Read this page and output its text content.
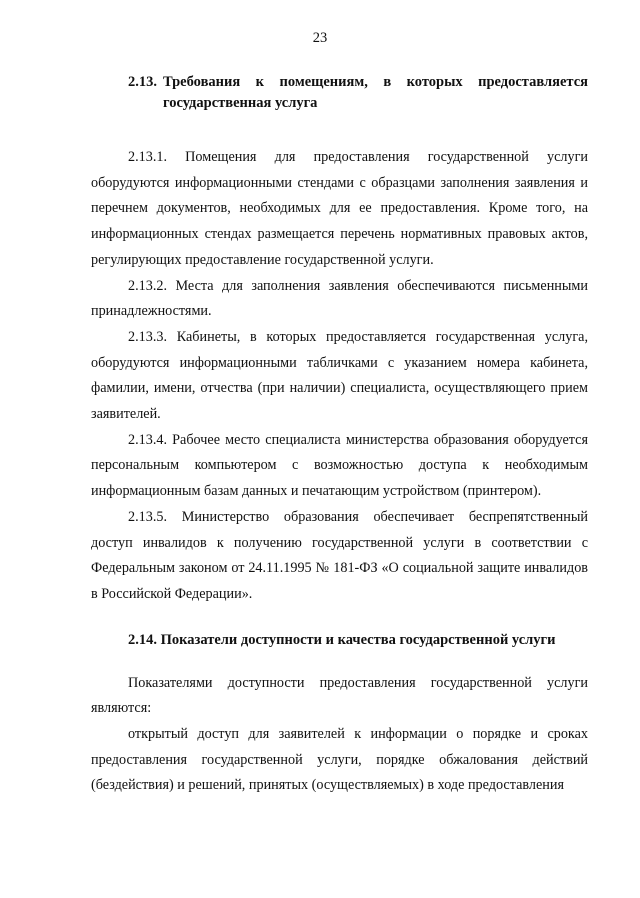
23
2.13. Требования к помещениям, в которых предоставляется государственная услуга

2.13.1. Помещения для предоставления государственной услуги оборудуются информационными стендами с образцами заполнения заявления и перечнем документов, необходимых для ее предоставления. Кроме того, на информационных стендах размещается перечень нормативных правовых актов, регулирующих предоставление государственной услуги.

2.13.2. Места для заполнения заявления обеспечиваются письменными принадлежностями.

2.13.3. Кабинеты, в которых предоставляется государственная услуга, оборудуются информационными табличками с указанием номера кабинета, фамилии, имени, отчества (при наличии) специалиста, осуществляющего прием заявителей.

2.13.4. Рабочее место специалиста министерства образования оборудуется персональным компьютером с возможностью доступа к необходимым информационным базам данных и печатающим устройством (принтером).

2.13.5. Министерство образования обеспечивает беспрепятственный доступ инвалидов к получению государственной услуги в соответствии с Федеральным законом от 24.11.1995 № 181-ФЗ «О социальной защите инвалидов в Российской Федерации».

2.14. Показатели доступности и качества государственной услуги

Показателями доступности предоставления государственной услуги являются:

открытый доступ для заявителей к информации о порядке и сроках предоставления государственной услуги, порядке обжалования действий (бездействия) и решений, принятых (осуществляемых) в ходе предоставления
